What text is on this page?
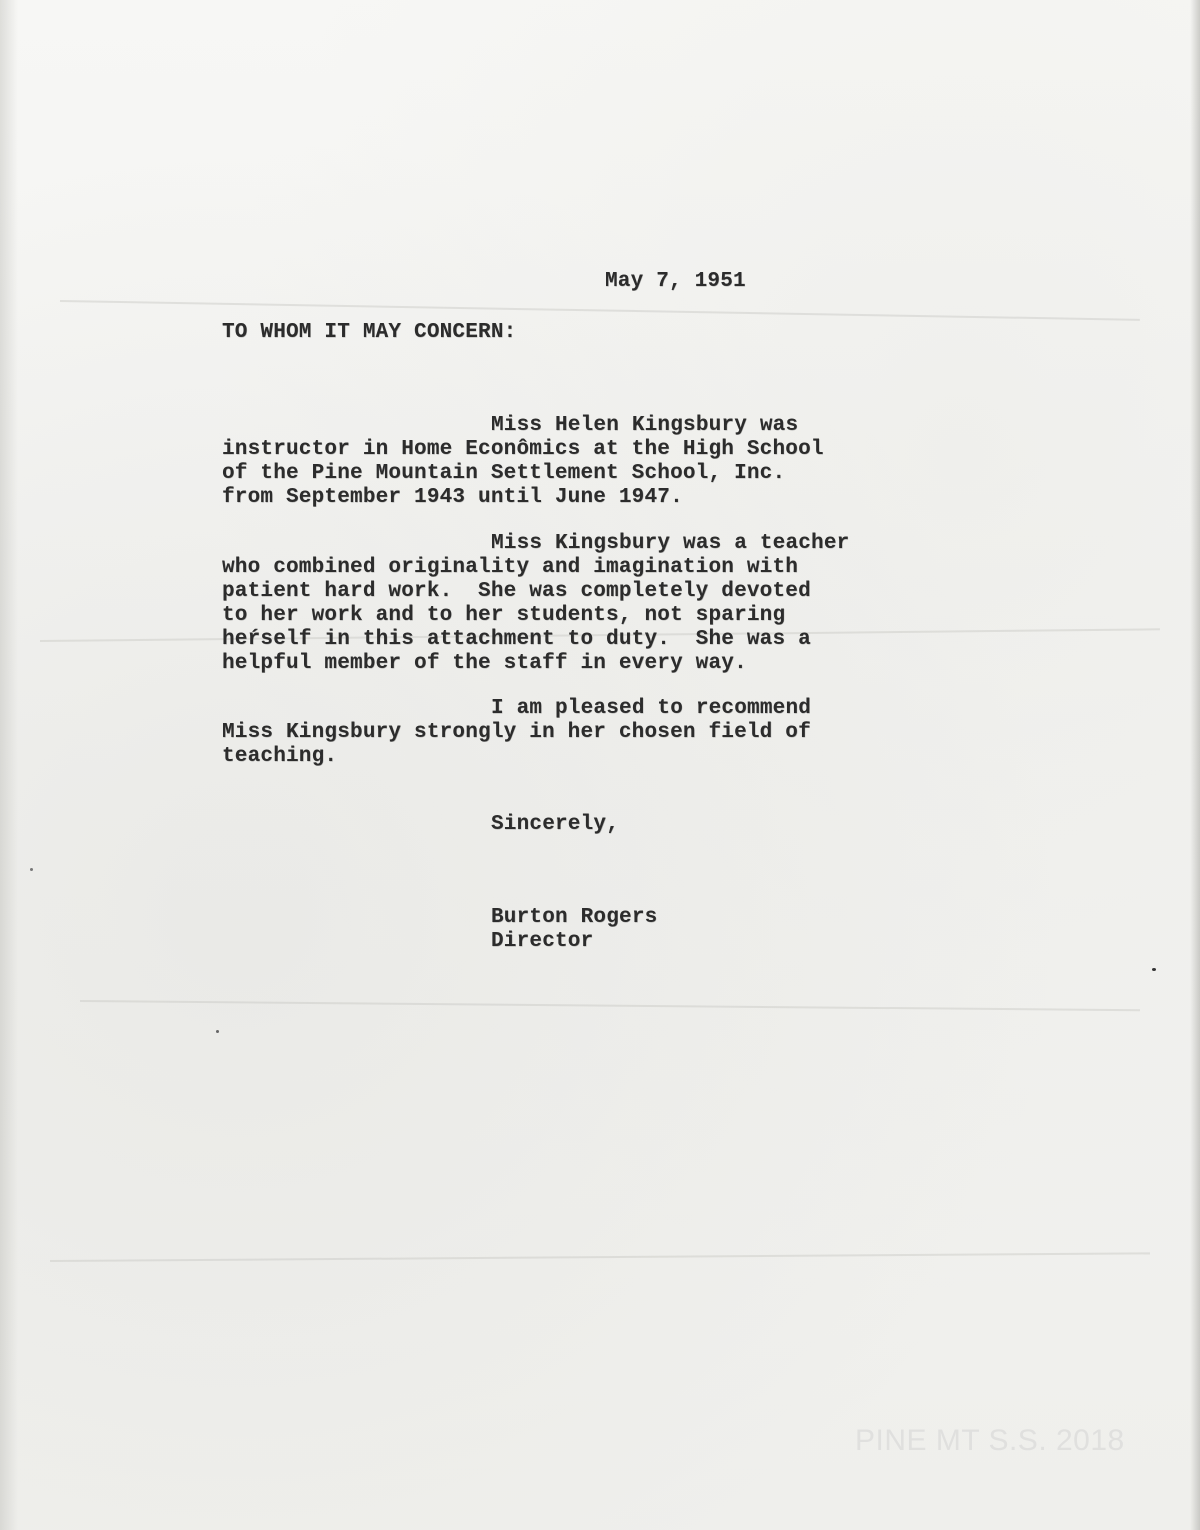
May 7, 1951
TO WHOM IT MAY CONCERN:
Miss Helen Kingsbury was
instructor in Home Econômics at the High School
of the Pine Mountain Settlement School, Inc.
from September 1943 until June 1947.
Miss Kingsbury was a teacher
who combined originality and imagination with
patient hard work.  She was completely devoted
to her work and to her students, not sparing
heŕself in this attachment to duty.  She was a
helpful member of the staff in every way.
I am pleased to recommend
Miss Kingsbury strongly in her chosen field of
teaching.
Sincerely,
Burton Rogers
Director
PINE MT S.S. 2018
